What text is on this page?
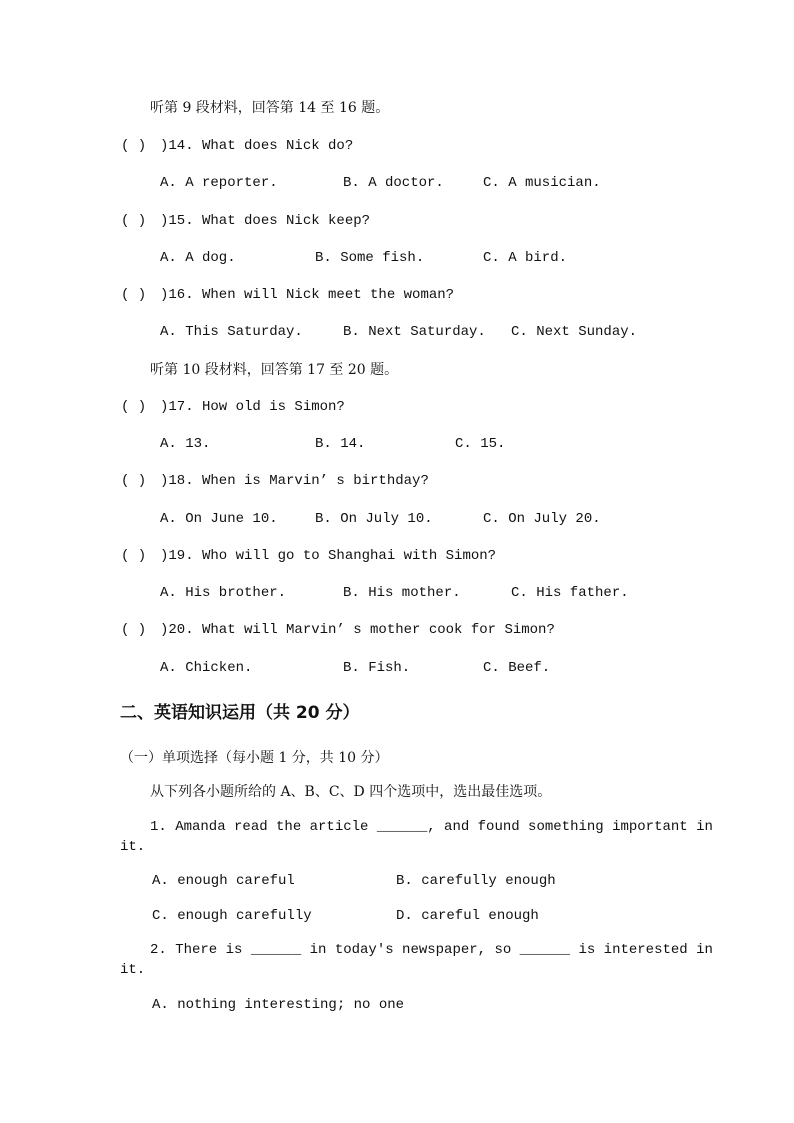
听第 9 段材料，回答第 14 至 16 题。
( ) )14. What does Nick do?
A. A reporter.	B. A doctor.	C. A musician.
( ) )15. What does Nick keep?
A. A dog.	B. Some fish.	C. A bird.
( ) )16. When will Nick meet the woman?
A. This Saturday.	B. Next Saturday. C. Next Sunday.
听第 10 段材料，回答第 17 至 20 题。
( ) )17. How old is Simon?
A. 13.	B. 14.	C. 15.
( ) )18. When is Marvin’ s birthday?
A. On June 10.	B. On July 10.	C. On July 20.
( ) )19. Who will go to Shanghai with Simon?
A. His brother.	B. His mother.	C. His father.
( ) )20. What will Marvin’ s mother cook for Simon?
A. Chicken.	B. Fish.	C. Beef.
二、英语知识运用（共 20 分）
（一）单项选择（每小题 1 分，共 10 分）
从下列各小题所给的 A、B、C、D 四个选项中，选出最佳选项。
1. Amanda read the article ______, and found something important in
it.
A. enough careful	B. carefully enough
C. enough carefully	D. careful enough
2. There is ______ in today's newspaper, so ______ is interested in
it.
A. nothing interesting; no one
